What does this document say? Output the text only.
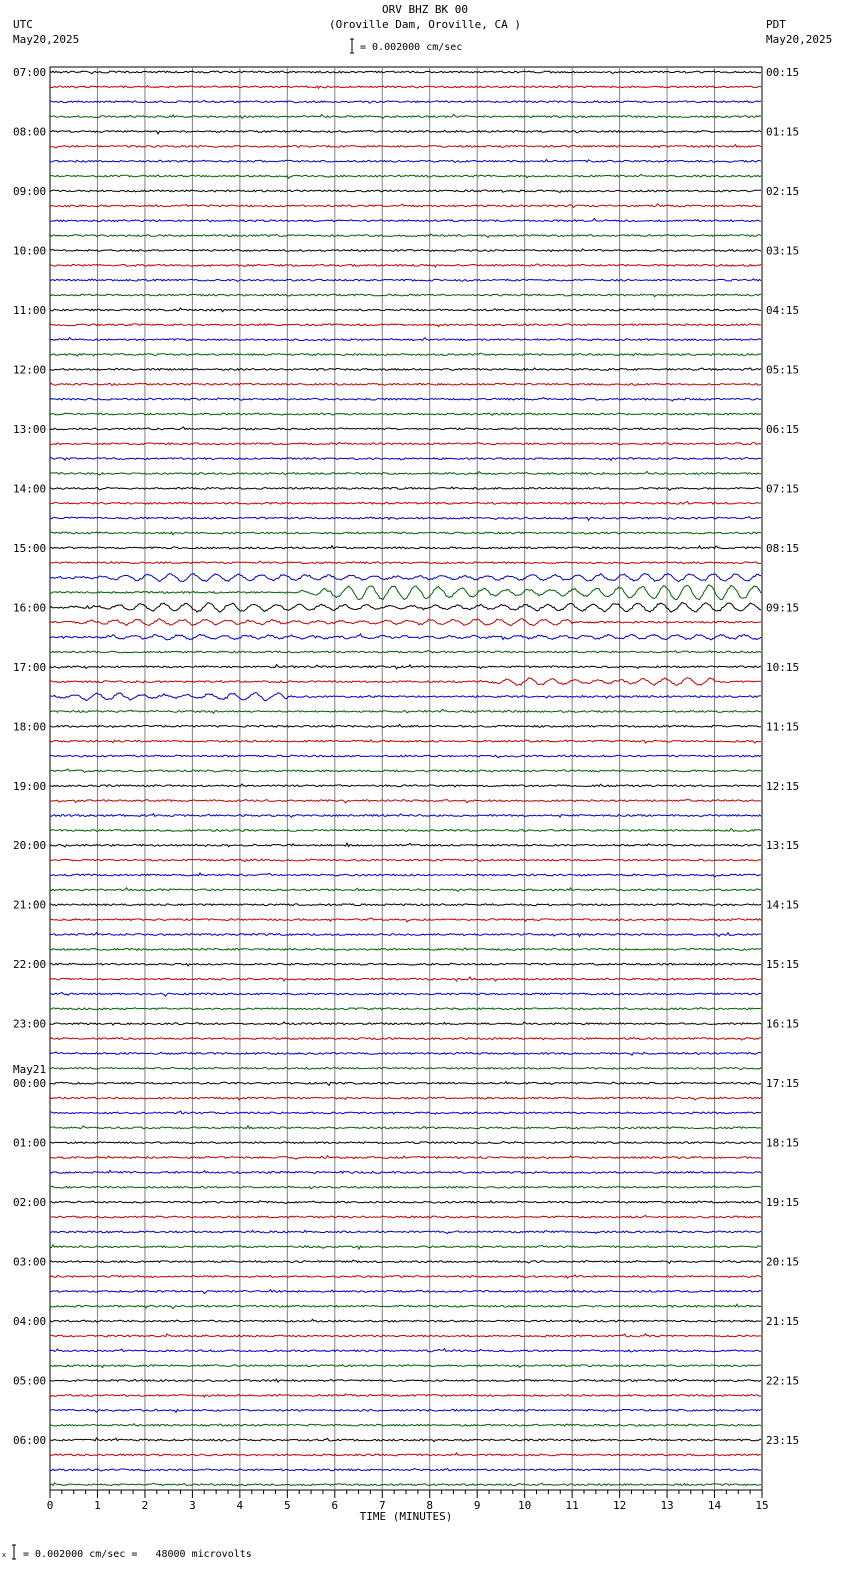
ORV BHZ BK 00
(Oroville Dam, Oroville, CA )
= 0.002000 cm/sec
UTC
May20,2025
PDT
May20,2025
= 0.002000 cm/sec =   48000 microvolts
0	1	2	3	4	5	6	7	8	9	10	11	12	13	14	15
TIME (MINUTES)
07:00
08:00
09:00
10:00
11:00
12:00
13:00
14:00
15:00
16:00
17:00
18:00
19:00
20:00
21:00
22:00
23:00
00:00
01:00
02:00
03:00
04:00
05:00
06:00
00:15
01:15
02:15
03:15
04:15
05:15
06:15
07:15
08:15
09:15
10:15
11:15
12:15
13:15
14:15
15:15
16:15
17:15
18:15
19:15
20:15
21:15
22:15
23:15
May21
x
